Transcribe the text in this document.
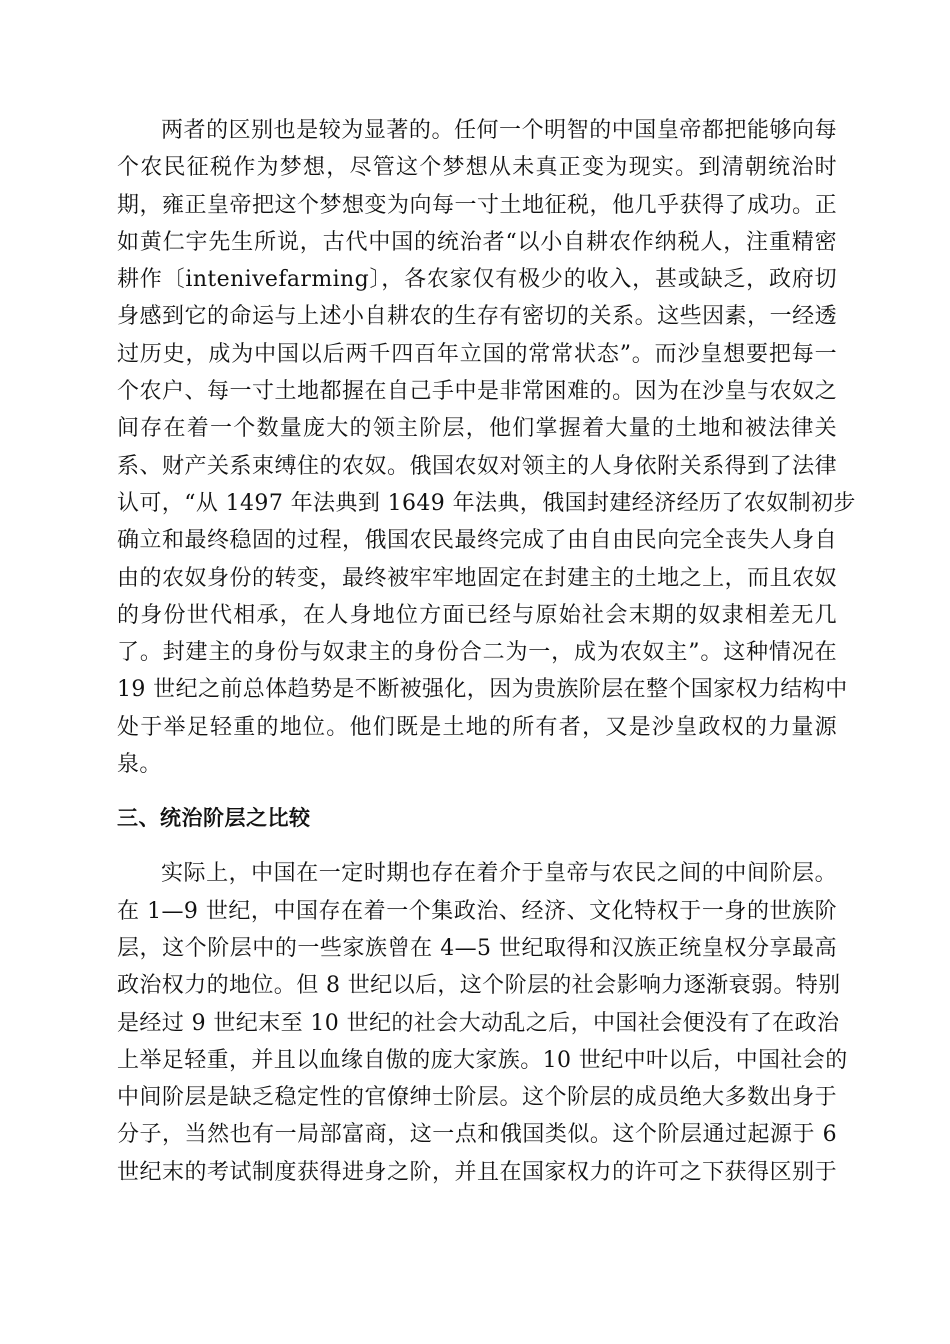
两者的区别也是较为显著的。任何一个明智的中国皇帝都把能够向每
个农民征税作为梦想，尽管这个梦想从未真正变为现实。到清朝统治时
期，雍正皇帝把这个梦想变为向每一寸土地征税，他几乎获得了成功。正
如黄仁宇先生所说，古代中国的统治者“以小自耕农作纳税人，注重精密
耕作〔intenivefarming〕，各农家仅有极少的收入，甚或缺乏，政府切
身感到它的命运与上述小自耕农的生存有密切的关系。这些因素，一经透
过历史，成为中国以后两千四百年立国的常常状态”。而沙皇想要把每一
个农户、每一寸土地都握在自己手中是非常困难的。因为在沙皇与农奴之
间存在着一个数量庞大的领主阶层，他们掌握着大量的土地和被法律关
系、财产关系束缚住的农奴。俄国农奴对领主的人身依附关系得到了法律
认可，“从 1497 年法典到 1649 年法典，俄国封建经济经历了农奴制初步
确立和最终稳固的过程，俄国农民最终完成了由自由民向完全丧失人身自
由的农奴身份的转变，最终被牢牢地固定在封建主的土地之上，而且农奴
的身份世代相承，在人身地位方面已经与原始社会末期的奴隶相差无几
了。封建主的身份与奴隶主的身份合二为一，成为农奴主”。这种情况在
19 世纪之前总体趋势是不断被强化，因为贵族阶层在整个国家权力结构中
处于举足轻重的地位。他们既是土地的所有者，又是沙皇政权的力量源
泉。
三、统治阶层之比较
实际上，中国在一定时期也存在着介于皇帝与农民之间的中间阶层。
在 1—9 世纪，中国存在着一个集政治、经济、文化特权于一身的世族阶
层，这个阶层中的一些家族曾在 4—5 世纪取得和汉族正统皇权分享最高
政治权力的地位。但 8 世纪以后，这个阶层的社会影响力逐渐衰弱。特别
是经过 9 世纪末至 10 世纪的社会大动乱之后，中国社会便没有了在政治
上举足轻重，并且以血缘自傲的庞大家族。10 世纪中叶以后，中国社会的
中间阶层是缺乏稳定性的官僚绅士阶层。这个阶层的成员绝大多数出身于
分子，当然也有一局部富商，这一点和俄国类似。这个阶层通过起源于 6
世纪末的考试制度获得进身之阶，并且在国家权力的许可之下获得区别于
